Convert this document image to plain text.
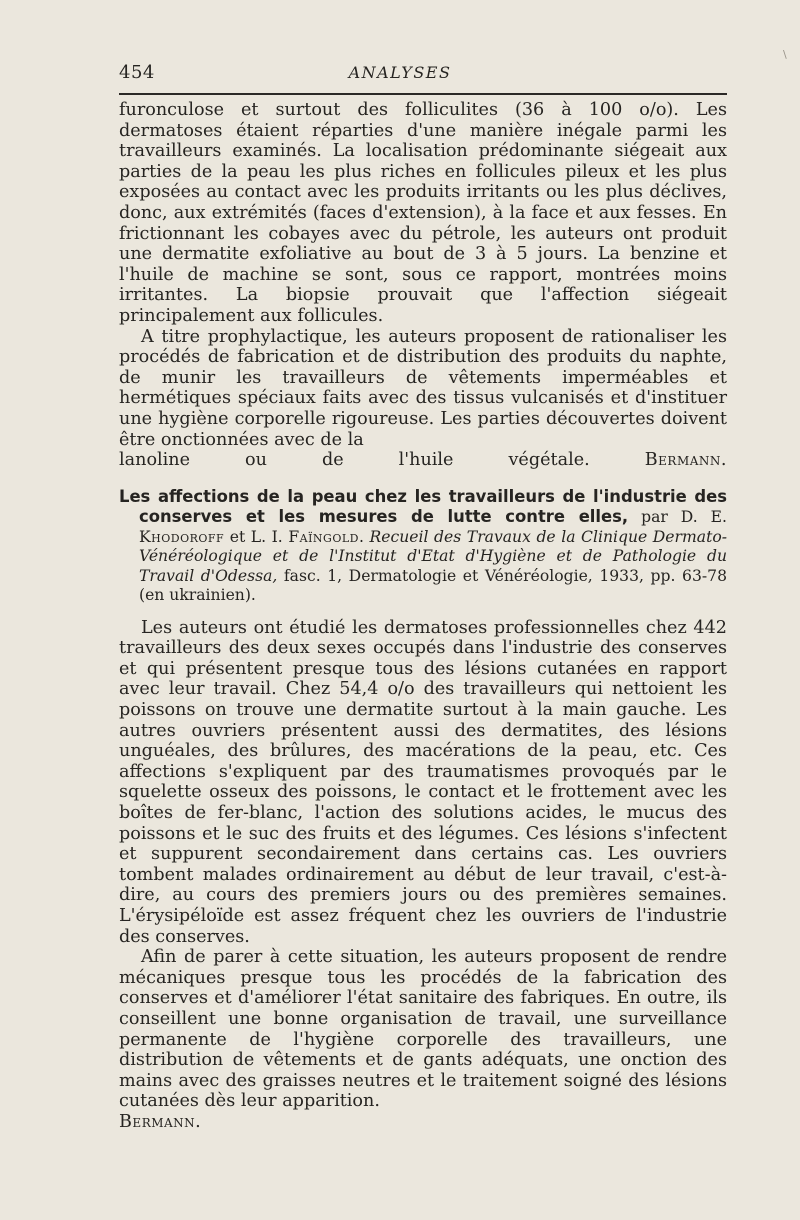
\
454	ANALYSES

furonculose et surtout des folliculites (36 à 100 o/o). Les dermatoses étaient réparties d'une manière inégale parmi les travailleurs examinés. La localisation prédominante siégeait aux parties de la peau les plus riches en follicules pileux et les plus exposées au contact avec les produits irritants ou les plus déclives, donc, aux extrémités (faces d'extension), à la face et aux fesses. En frictionnant les cobayes avec du pétrole, les auteurs ont produit une dermatite exfoliative au bout de 3 à 5 jours. La benzine et l'huile de machine se sont, sous ce rapport, montrées moins irritantes. La biopsie prouvait que l'affection siégeait principalement aux follicules.

A titre prophylactique, les auteurs proposent de rationaliser les procédés de fabrication et de distribution des produits du naphte, de munir les travailleurs de vêtements imperméables et hermétiques spéciaux faits avec des tissus vulcanisés et d'instituer une hygiène corporelle rigoureuse. Les parties découvertes doivent être onctionnées avec de la

lanoline ou de l'huile végétale.	Bermann.

Les affections de la peau chez les travailleurs de l'industrie des conserves et les mesures de lutte contre elles, par D. E. Khodoroff et L. I. Faïngold. Recueil des Travaux de la Clinique Dermato-Vénéréologique et de l'Institut d'Etat d'Hygiène et de Pathologie du Travail d'Odessa, fasc. 1, Dermatologie et Vénéréologie, 1933, pp. 63-78 (en ukrainien).

Les auteurs ont étudié les dermatoses professionnelles chez 442 travailleurs des deux sexes occupés dans l'industrie des conserves et qui présentent presque tous des lésions cutanées en rapport avec leur travail. Chez 54,4 o/o des travailleurs qui nettoient les poissons on trouve une dermatite surtout à la main gauche. Les autres ouvriers présentent aussi des dermatites, des lésions unguéales, des brûlures, des macérations de la peau, etc. Ces affections s'expliquent par des traumatismes provoqués par le squelette osseux des poissons, le contact et le frottement avec les boîtes de fer-blanc, l'action des solutions acides, le mucus des poissons et le suc des fruits et des légumes. Ces lésions s'infectent et suppurent secondairement dans certains cas. Les ouvriers tombent malades ordinairement au début de leur travail, c'est-à-dire, au cours des premiers jours ou des premières semaines. L'érysipéloïde est assez fréquent chez les ouvriers de l'industrie des conserves.

Afin de parer à cette situation, les auteurs proposent de rendre mécaniques presque tous les procédés de la fabrication des conserves et d'améliorer l'état sanitaire des fabriques. En outre, ils conseillent une bonne organisation de travail, une surveillance permanente de l'hygiène corporelle des travailleurs, une distribution de vêtements et de gants adéquats, une onction des mains avec des graisses neutres et le traitement soigné des lésions cutanées dès leur apparition.

Bermann.
